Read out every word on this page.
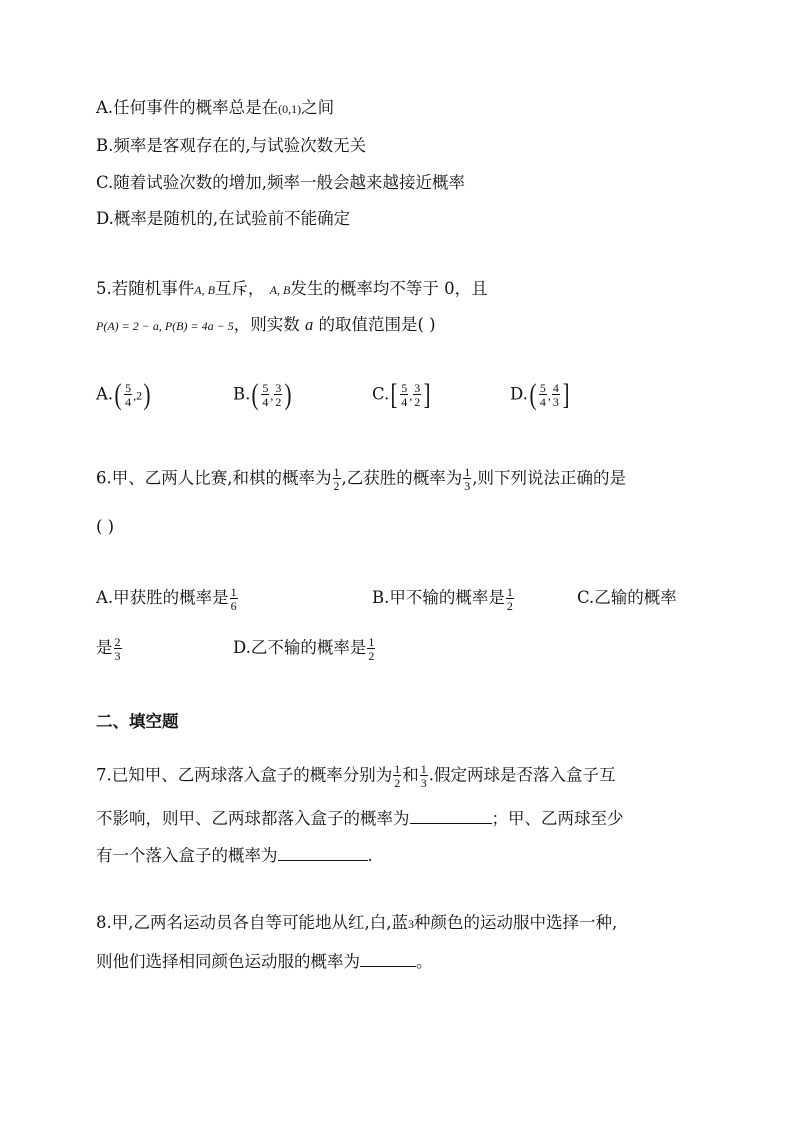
A.任何事件的概率总是在(0,1)之间
B.频率是客观存在的,与试验次数无关
C.随着试验次数的增加,频率一般会越来越接近概率
D.概率是随机的,在试验前不能确定
5.若随机事件A, B互斥， A, B发生的概率均不等于 0，且
P(A) = 2 − a, P(B) = 4a − 5，则实数 a 的取值范围是( )
$A.( \frac{5}{4} ,2)$	$B.( \frac{5}{4}$ , $\frac{3}{2}$ )	$C.[ \frac{5}{4}$ , $\frac{3}{2}$ ]	$D.( \frac{5}{4}$ , $\frac{4}{3}$ ]
6.甲、乙两人比赛,和棋的概率为 $\frac{1}{2}$ ,乙获胜的概率为 $\frac{1}{3}$ ,则下列说法正确的是
( )
A.甲获胜的概率是 $\frac{1}{6}$	B.甲不输的概率是 $\frac{1}{2}$	C.乙输的概率
是 $\frac{2}{3}$	D.乙不输的概率是 $\frac{1}{2}$
二、填空题
7.已知甲、乙两球落入盒子的概率分别为 $\frac{1}{2}$ 和 $\frac{1}{3}$ .假定两球是否落入盒子互
不影响，则甲、乙两球都落入盒子的概率为	；甲、乙两球至少
有一个落入盒子的概率为	.
8.甲,乙两名运动员各自等可能地从红,白,蓝3种颜色的运动服中选择一种,
则他们选择相同颜色运动服的概率为	。
